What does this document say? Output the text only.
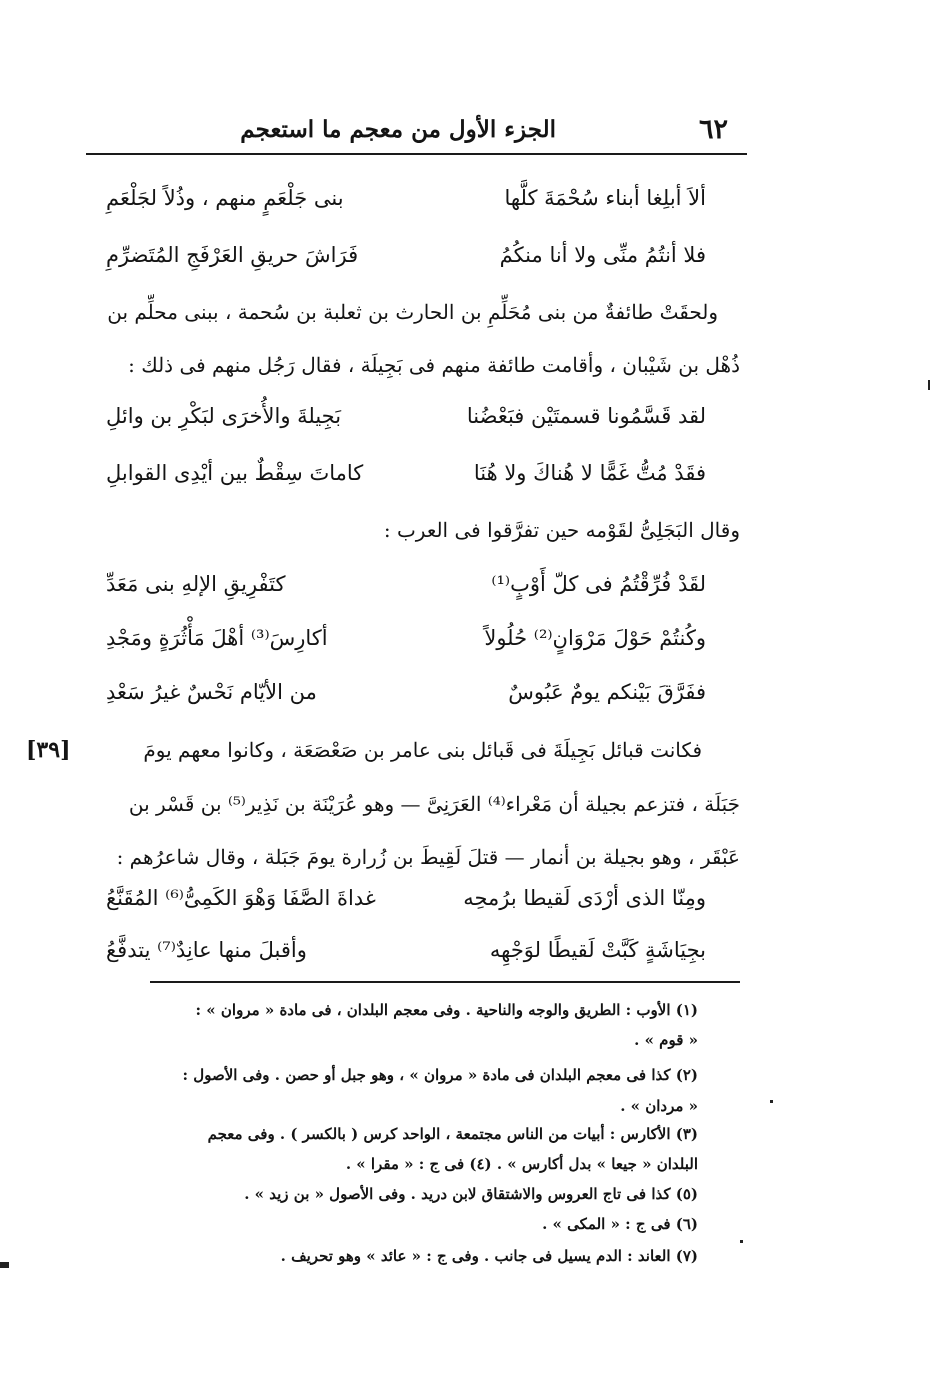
٦٢
الجزء الأول من معجم ما استعجم
ألاَ أبلِغا أبناء سُحْمَةَ كلَّها
بنى جَلْعَمٍ منهم ، وذُلاً لجَلْعَمِ
فلا أنتُمُ منِّى ولا أنا منكُمُ
فَرَاشَ حريقِ العَرْفَجِ المُتَضرِّمِ
ولحقَتْ طائفةٌ من بنى مُحَلِّمِ بن الحارث بن ثعلبة بن سُحمة ، ببنى محلِّم بن
ذُهْل بن شَيْبان ، وأقامت طائفة منهم فى بَجِيلَة ، فقال رَجُل منهم فى ذلك :
لقد قَسَّمُونا قسمتَيْن فبَعْضُنا
بَجِيلةَ والأُخرَى لبَكْرِ بن وائلِ
فقَدْ مُتُّ غَمًّا لا هُناكَ ولا هُنَا
كاماتَ سِقْطٌ بين أيْدِى القوابلِ
وقال البَجَلِىُّ لقَوْمه حين تفرَّقوا فى العرب :
لقَدْ فُرِّقْتُمُ فى كلّ أَوْبٍ⁽¹⁾
كتَفْرِيقِ الإلهِ بنى مَعَدِّ
وكُنتُمْ حَوْلَ مَرْوَانٍ⁽²⁾ حُلُولاً
أكارِسَ⁽³⁾ أهْلَ مَأْثُرَةٍ ومَجْدِ
ففَرَّقَ بَيْنكم يومٌ عَبُوسٌ
من الأيّام نَحْسٌ غيرُ سَعْدِ
فكانت قبائل بَجِيلَةَ فى قَبائل بنى عامر بن صَعْصَعَة ، وكانوا معهم يومَ
[٣٩]
جَبَلَة ، فتزعم بجيلة أن مَعْراء⁽⁴⁾ العَرَنِىَّ — وهو عُرَيْنَة بن نَذِير⁽⁵⁾ بن قَسْر بن
عَبْقَر ، وهو بجيلة بن أنمار — قتلَ لَقِيطَ بن زُرارة يومَ جَبَلة ، وقال شاعرُهم :
ومِنّا الذى أرْدَى لَقيطا برُمحِه
غداةَ الصَّفَا وَهْوَ الكَمِىُّ⁽⁶⁾ المُقَنَّعُ
بجِيَاشَةٍ كَبَّتْ لَقيطًا لوَجْهِه
وأقبلَ منها عانِدٌ⁽⁷⁾ يتدفَّعُ
(١) الأوب : الطريق والوجه والناحية . وفى معجم البلدان ، فى مادة « مروان » :
« قوم » .
(٢) كذا فى معجم البلدان فى مادة « مروان » ، وهو جبل أو حصن . وفى الأصول :
« مردان » .
(٣) الأكارس : أبيات من الناس مجتمعة ، الواحد كرس ( بالكسر ) . وفى معجم
البلدان « جيعا » بدل أكارس » . (٤) فى ج : « مقرا » .
(٥) كذا فى تاج العروس والاشتقاق لابن دريد . وفى الأصول « بن زيد » .
(٦) فى ج : « المكى » .
(٧) العاند : الدم يسيل فى جانب . وفى ج : « عائد » وهو تحريف .
